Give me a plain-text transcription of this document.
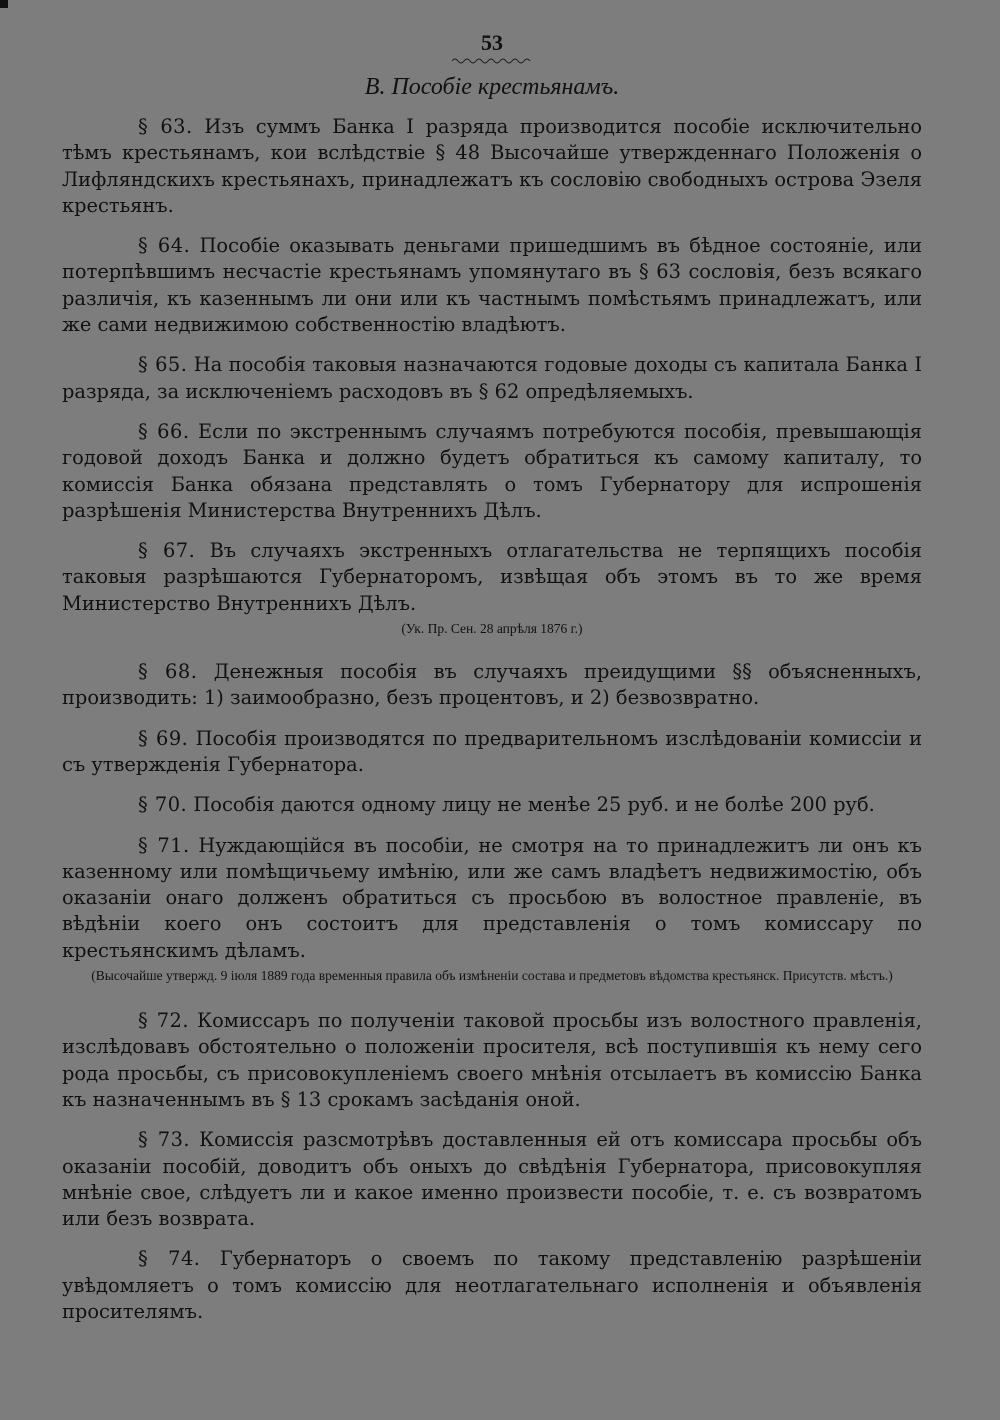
53
В. Пособіе крестьянамъ.

§ 63. Изъ суммъ Банка I разряда производится пособіе исключительно тѣмъ крестьянамъ, кои вслѣдствіе § 48 Высочайше утвержденнаго Положенія о Лифляндскихъ крестьянахъ, принадлежатъ къ сословію свободныхъ острова Эзеля крестьянъ.

§ 64. Пособіе оказывать деньгами пришедшимъ въ бѣдное состояніе, или потерпѣвшимъ несчастіе крестьянамъ упомянутаго въ § 63 сословія, безъ всякаго различія, къ казеннымъ ли они или къ частнымъ помѣстьямъ принадлежатъ, или же сами недвижимою собственностію владѣютъ.

§ 65. На пособія таковыя назначаются годовые доходы съ капитала Банка I разряда, за исключеніемъ расходовъ въ § 62 опредѣляемыхъ.

§ 66. Если по экстреннымъ случаямъ потребуются пособія, превышающія годовой доходъ Банка и должно будетъ обратиться къ самому капиталу, то комиссія Банка обязана представлять о томъ Губернатору для испрошенія разрѣшенія Министерства Внутреннихъ Дѣлъ.

§ 67. Въ случаяхъ экстренныхъ отлагательства не терпящихъ пособія таковыя разрѣшаются Губернаторомъ, извѣщая объ этомъ въ то же время Министерство Внутреннихъ Дѣлъ.

(Ук. Пр. Сен. 28 апрѣля 1876 г.)

§ 68. Денежныя пособія въ случаяхъ преидущими §§ объясненныхъ, производить: 1) заимообразно, безъ процентовъ, и 2) безвозвратно.

§ 69. Пособія производятся по предварительномъ изслѣдованіи комиссіи и съ утвержденія Губернатора.

§ 70. Пособія даются одному лицу не менѣе 25 руб. и не болѣе 200 руб.

§ 71. Нуждающійся въ пособіи, не смотря на то принадлежитъ ли онъ къ казенному или помѣщичьему имѣнію, или же самъ владѣетъ недвижимостію, объ оказаніи онаго долженъ обратиться съ просьбою въ волостное правленіе, въ вѣдѣніи коего онъ состоитъ для представленія о томъ комиссару по крестьянскимъ дѣламъ.

(Высочайше утвержд. 9 іюля 1889 года временныя правила объ измѣненіи состава и предметовъ вѣдомства крестьянск. Присутств. мѣстъ.)

§ 72. Комиссаръ по полученіи таковой просьбы изъ волостного правленія, изслѣдовавъ обстоятельно о положеніи просителя, всѣ поступившія къ нему сего рода просьбы, съ присовокупленіемъ своего мнѣнія отсылаетъ въ комиссію Банка къ назначеннымъ въ § 13 срокамъ засѣданія оной.

§ 73. Комиссія разсмотрѣвъ доставленныя ей отъ комиссара просьбы объ оказаніи пособій, доводитъ объ оныхъ до свѣдѣнія Губернатора, присовокупляя мнѣніе свое, слѣдуетъ ли и какое именно произвести пособіе, т. е. съ возвратомъ или безъ возврата.

§ 74. Губернаторъ о своемъ по такому представленію разрѣшеніи увѣдомляетъ о томъ комиссію для неотлагательнаго исполненія и объявленія просителямъ.
